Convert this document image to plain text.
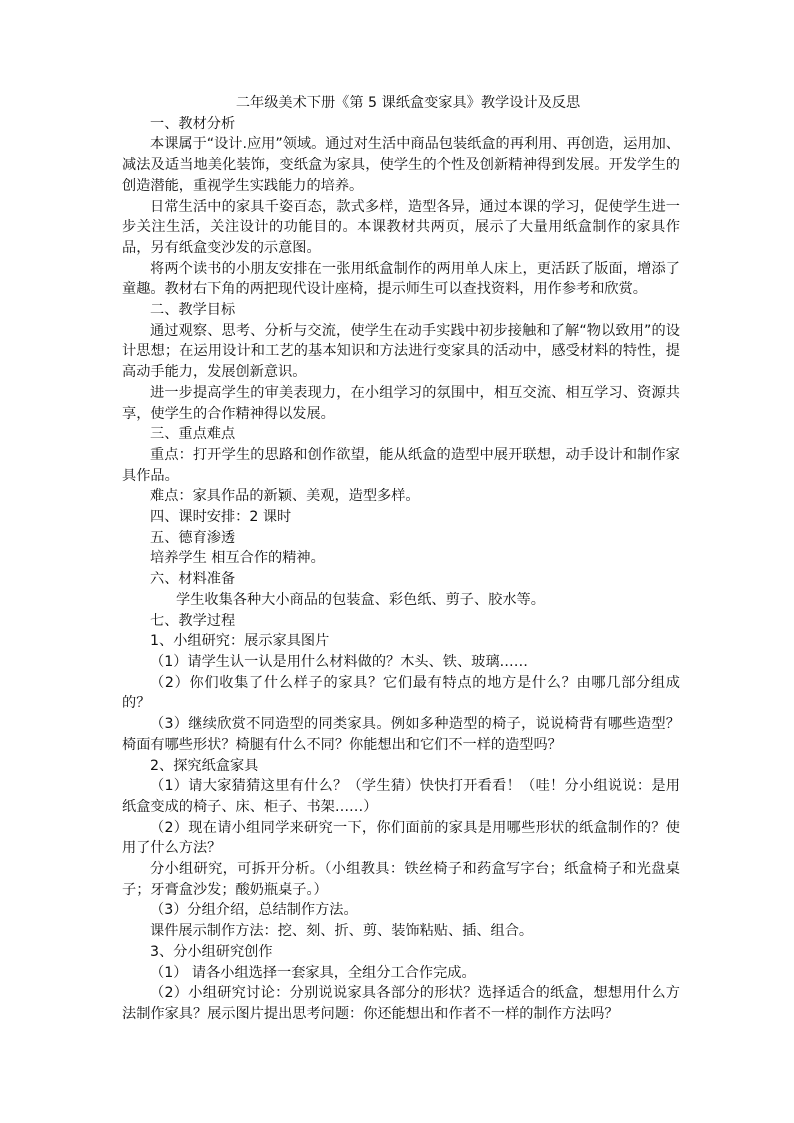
二年级美术下册《第 5 课纸盒变家具》教学设计及反思
一、教材分析
本课属于“设计.应用”领域。通过对生活中商品包装纸盒的再利用、再创造，运用加、减法及适当地美化装饰，变纸盒为家具，使学生的个性及创新精神得到发展。开发学生的创造潜能，重视学生实践能力的培养。
日常生活中的家具千姿百态，款式多样，造型各异，通过本课的学习，促使学生进一步关注生活，关注设计的功能目的。本课教材共两页，展示了大量用纸盒制作的家具作品，另有纸盒变沙发的示意图。
将两个读书的小朋友安排在一张用纸盒制作的两用单人床上，更活跃了版面，增添了童趣。教材右下角的两把现代设计座椅，提示师生可以查找资料，用作参考和欣赏。
二、教学目标
通过观察、思考、分析与交流，使学生在动手实践中初步接触和了解“物以致用”的设计思想；在运用设计和工艺的基本知识和方法进行变家具的活动中，感受材料的特性，提高动手能力，发展创新意识。
进一步提高学生的审美表现力，在小组学习的氛围中，相互交流、相互学习、资源共享，使学生的合作精神得以发展。
三、重点难点
重点：打开学生的思路和创作欲望，能从纸盒的造型中展开联想，动手设计和制作家具作品。
难点：家具作品的新颖、美观，造型多样。
四、课时安排：2 课时
五、德育渗透
培养学生 相互合作的精神。
六、材料准备
学生收集各种大小商品的包装盒、彩色纸、剪子、胶水等。
七、教学过程
1、小组研究：展示家具图片
（1）请学生认一认是用什么材料做的？木头、铁、玻璃……
（2）你们收集了什么样子的家具？它们最有特点的地方是什么？由哪几部分组成的？
（3）继续欣赏不同造型的同类家具。例如多种造型的椅子，说说椅背有哪些造型？椅面有哪些形状？椅腿有什么不同？你能想出和它们不一样的造型吗？
2、探究纸盒家具
（1）请大家猜猜这里有什么？（学生猜）快快打开看看！（哇！分小组说说：是用纸盒变成的椅子、床、柜子、书架……）
（2）现在请小组同学来研究一下，你们面前的家具是用哪些形状的纸盒制作的？使用了什么方法？
分小组研究，可拆开分析。（小组教具：铁丝椅子和药盒写字台；纸盒椅子和光盘桌子；牙膏盒沙发；酸奶瓶桌子。）
（3）分组介绍，总结制作方法。
课件展示制作方法：挖、刻、折、剪、装饰粘贴、插、组合。
3、分小组研究创作
（1） 请各小组选择一套家具，全组分工合作完成。
（2）小组研究讨论：分别说说家具各部分的形状？选择适合的纸盒，想想用什么方法制作家具？展示图片提出思考问题：你还能想出和作者不一样的制作方法吗？
